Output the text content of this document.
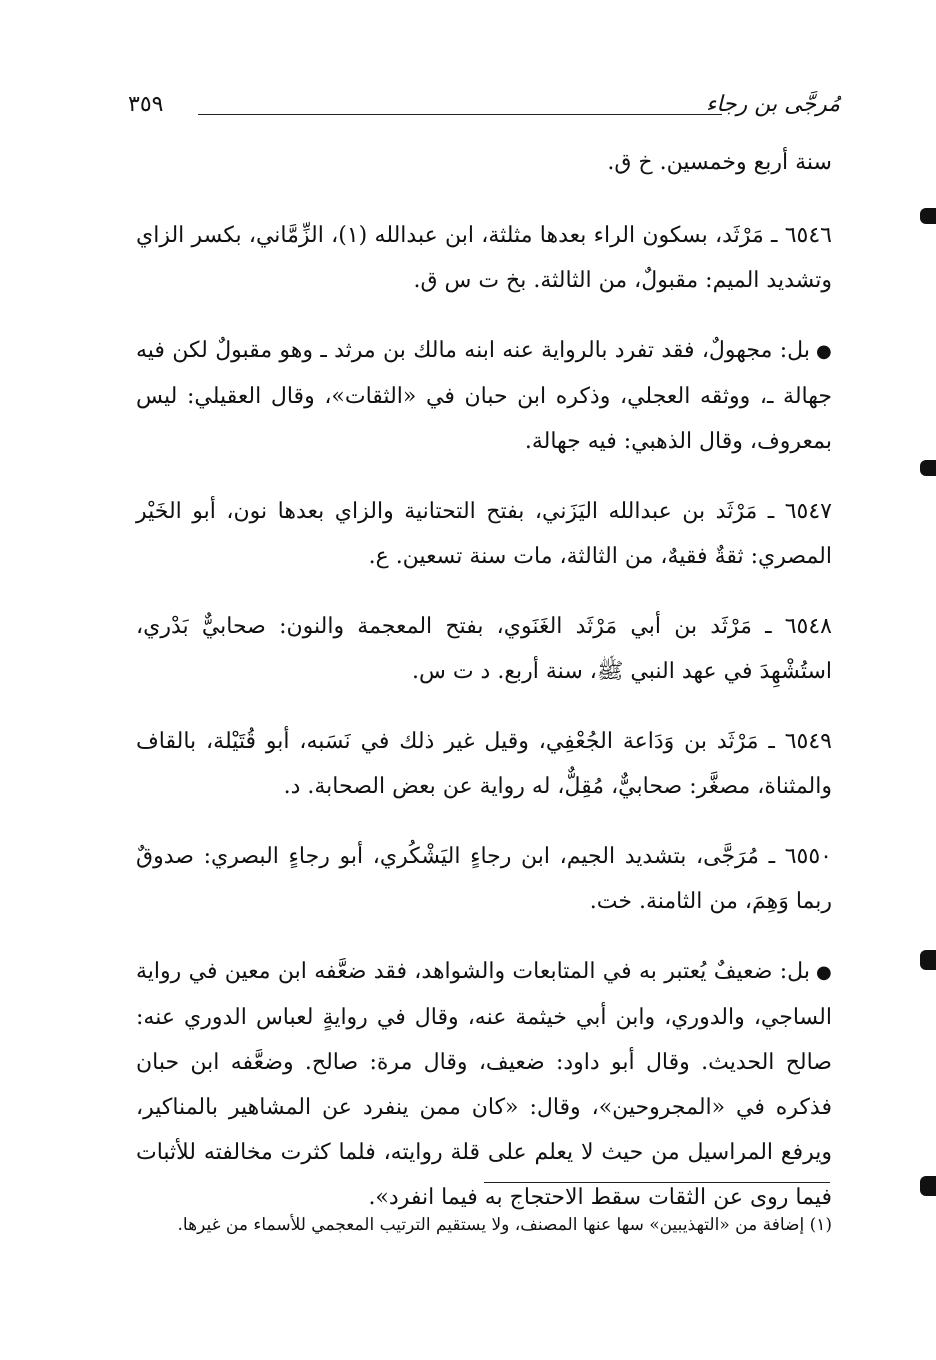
مُرجَّى بن رجاء
٣٥٩

سنة أربع وخمسين. خ ق.

٦٥٤٦ ـ مَرْثَد، بسكون الراء بعدها مثلثة، ابن عبدالله (١)، الزِّمَّاني، بكسر الزاي وتشديد الميم: مقبولٌ، من الثالثة. بخ ت س ق.

●بل: مجهولٌ، فقد تفرد بالرواية عنه ابنه مالك بن مرثد ـ وهو مقبولٌ لكن فيه جهالة ـ، ووثقه العجلي، وذكره ابن حبان في «الثقات»، وقال العقيلي: ليس بمعروف، وقال الذهبي: فيه جهالة.

٦٥٤٧ ـ مَرْثَد بن عبدالله اليَزَني، بفتح التحتانية والزاي بعدها نون، أبو الخَيْر المصري: ثقةٌ فقيهٌ، من الثالثة، مات سنة تسعين. ع.

٦٥٤٨ ـ مَرْثَد بن أبي مَرْثَد الغَنَوي، بفتح المعجمة والنون: صحابيٌّ بَدْري، استُشْهِدَ في عهد النبي ﷺ، سنة أربع. د ت س.

٦٥٤٩ ـ مَرْثَد بن وَدَاعة الجُعْفِي، وقيل غير ذلك في نَسَبه، أبو قُتَيْلة، بالقاف والمثناة، مصغَّر: صحابيٌّ، مُقِلٌّ، له رواية عن بعض الصحابة. د.

٦٥٥٠ ـ مُرَجَّى، بتشديد الجيم، ابن رجاءٍ اليَشْكُري، أبو رجاءٍ البصري: صدوقٌ ربما وَهِمَ، من الثامنة. خت.

●بل: ضعيفٌ يُعتبر به في المتابعات والشواهد، فقد ضعَّفه ابن معين في رواية الساجي، والدوري، وابن أبي خيثمة عنه، وقال في روايةٍ لعباس الدوري عنه: صالح الحديث. وقال أبو داود: ضعيف، وقال مرة: صالح. وضعَّفه ابن حبان فذكره في «المجروحين»، وقال: «كان ممن ينفرد عن المشاهير بالمناكير، ويرفع المراسيل من حيث لا يعلم على قلة روايته، فلما كثرت مخالفته للأثبات فيما روى عن الثقات سقط الاحتجاج به فيما انفرد».

(١) إضافة من «التهذيبين» سها عنها المصنف، ولا يستقيم الترتيب المعجمي للأسماء من غيرها.
